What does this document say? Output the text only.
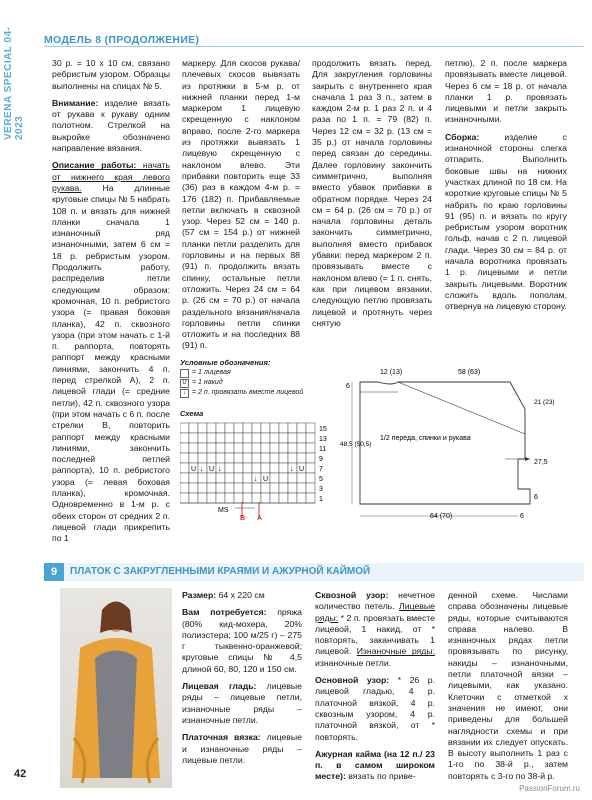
VERENA SPECIAL 04-2023
42
МОДЕЛЬ 8 (ПРОДОЛЖЕНИЕ)

30 р. = 10 х 10 см, связано ребристым узором. Образцы выполнены на спицах № 5.

Внимание: изделие вязать от рукава к рукаву одним полотном. Стрелкой на выкройке обозначено направление вязания.

Описание работы: начать от нижнего края левого рукава. На длинные круговые спицы № 5 набрать 108 п. и вязать для нижней планки сначала 1 изнаночный ряд изнаночными, затем 6 см = 18 р. ребристым узором. Продолжить работу, распределив петли следующим образом: кромочная, 10 п. ребристого узора (= правая боковая планка), 42 п. сквозного узора (при этом начать с 1-й п. раппорта, повторять раппорт между красными линиями, закончить 4 п. перед стрелкой А), 2 п. лицевой глади (= средние петли), 42 п. сквозного узора (при этом начать с 6 п. после стрелки В, повторить раппорт между красными линиями, закончить последней петлей раппорта), 10 п. ребристого узора (= левая боковая планка), кромочная. Одновременно в 1-м р. с обеих сторон от средних 2 п. лицевой глади прикрепить по 1

маркеру. Для скосов рукава/плечевых скосов вывязать из протяжки в 5-м р. от нижней планки перед 1-м маркером 1 лицевую скрещенную с наклоном вправо, после 2-го маркера из протяжки вывязать 1 лицевую скрещенную с наклоном влево. Эти прибавки повторить еще 33 (36) раз в каждом 4-м р. = 176 (182) п. Прибавляемые петли включать в сквозной узор. Через 52 см = 140 р. (57 см = 154 р.) от нижней планки петли разделить для горловины и на первых 88 (91) п. продолжить вязать спинку, остальные петли отложить. Через 24 см = 64 р. (26 см = 70 р.) от начала раздельного вязания/начала горловины петли спинки отложить и на последних 88 (91) п.

продолжить вязать перед. Для закругления горловины закрыть с внутреннего края сначала 1 раз 3 п., затем в каждом 2-м р. 1 раз 2 п. и 4 раза по 1 п. = 79 (82) п. Через 12 см = 32 р. (13 см = 35 р.) от начала горловины перед связан до середины. Далее горловину закончить симметрично, выполняя вместо убавок прибавки в обратном порядке. Через 24 см = 64 р. (26 см = 70 р.) от начала горловины деталь закончить симметрично, выполняя вместо прибавок убавки: перед маркером 2 п. провязывать вместе с наклоном влево (= 1 п. снять, как при лицевом вязании, следующую петлю провязать лицевой и протянуть через снятую

петлю), 2 п. после маркера провязывать вместе лицевой. Через 6 см = 18 р. от начала планки 1 р. провязать лицевыми и петли закрыть изнаночными.

Сборка: изделие с изнаночной стороны слегка отпарить. Выполнить боковые швы на нижних участках длиной по 18 см. На короткие круговые спицы № 5 набрать по краю горловины 91 (95) п. и вязать по кругу ребристым узором воротник гольф, начав с 2 п. лицевой глади. Через 30 см = 84 р. от начала воротника провязать 1 р. лицевыми и петли закрыть лицевыми. Воротник сложить вдоль пополам, отвернув на лицевую сторону.

Условные обозначения:
= 1 лицевая
U = 1 накид
↓ = 2 п. провязать вместе лицевой
Схема
U ↓ U ↓
↓ U
↓ U
15
13
11
9
7
5
3
1
MS
B A
12 (13)	58 (63)
6
48,5 (50,5)
21 (23)
27,5
6
64 (70)	6
1/2 переда, спинки и рукава
9	ПЛАТОК С ЗАКРУГЛЕННЫМИ КРАЯМИ И АЖУРНОЙ КАЙМОЙ

Размер: 64 х 220 см

Вам потребуется: пряжа (80% кид-мохера, 20% полиэстера; 100 м/25 г) – 275 г тыквенно-оранжевой; круговые спицы № 4,5 длиной 60, 80, 120 и 150 см.

Лицевая гладь: лицевые ряды – лицевые петли, изнаночные ряды – изнаночные петли.

Платочная вязка: лицевые и изнаночные ряды – лицевые петли.

Сквозной узор: нечетное количество петель. Лицевые ряды: * 2 п. провязать вместе лицевой, 1 накид, от * повторять, заканчивать 1 лицевой. Изнаночные ряды: изнаночные петли.

Основной узор: * 26 р. лицевой гладью, 4 р. платочной вязкой, 4 р. сквозным узором, 4 р. платочной вязкой, от * повторять.

Ажурная кайма (на 12 п./ 23 п. в самом широком месте): вязать по приве-

денной схеме. Числами справа обозначены лицевые ряды, которые считываются справа налево. В изнаночных рядах петли провязывать по рисунку, накиды – изнаночными, петли платочной вязки – лицевыми, как указано. Клеточки с отметкой x значения не имеют, они приведены для большей наглядности схемы и при вязании их следует опускать. В высоту выполнить 1 раз с 1-го по 38-й р., затем повторять с 3-го по 38-й р.

PassionForum.ru
